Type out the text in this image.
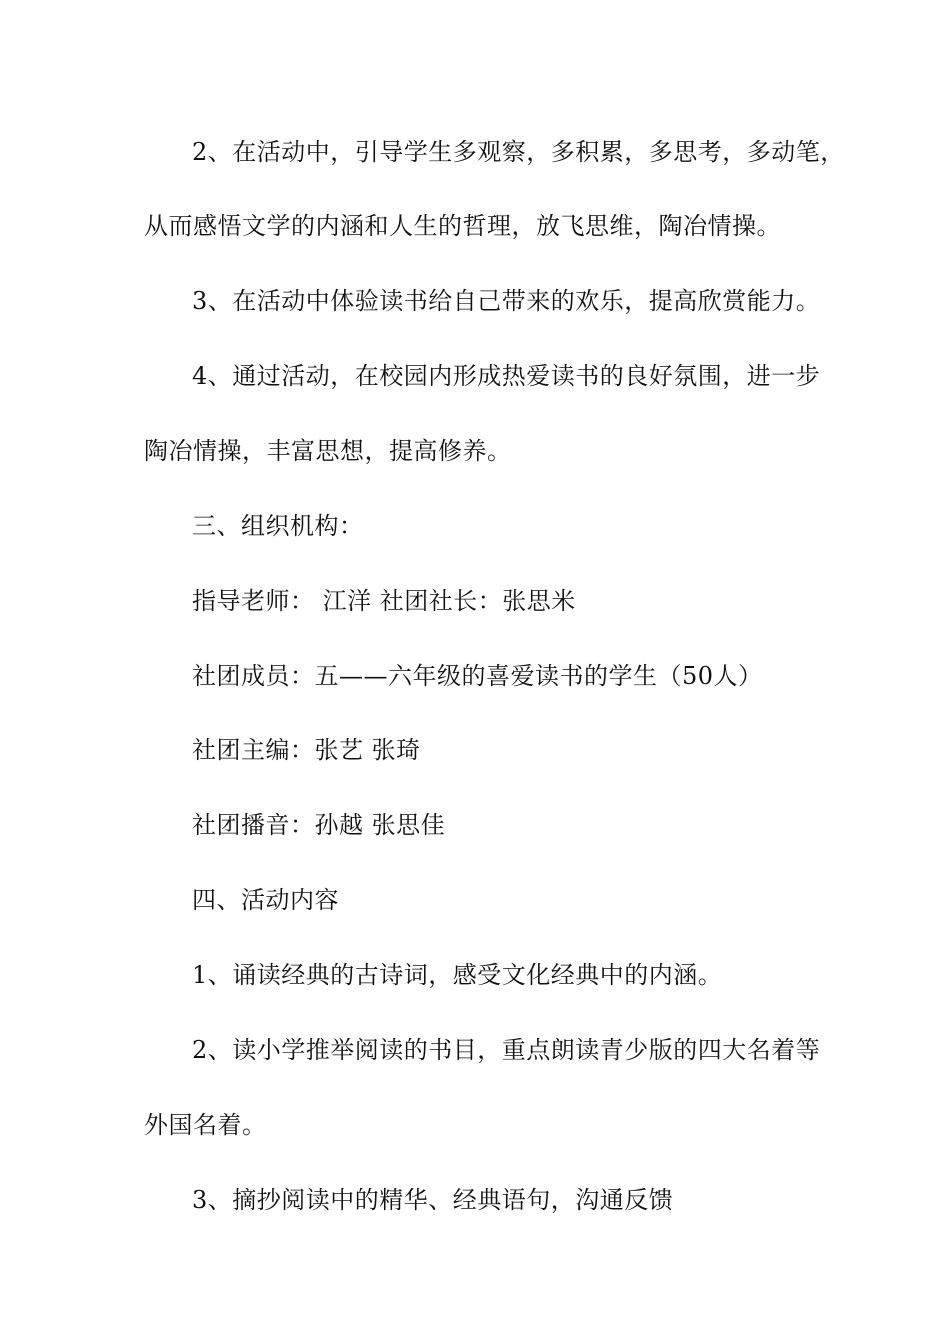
2、在活动中，引导学生多观察，多积累，多思考，多动笔，
从而感悟文学的内涵和人生的哲理，放飞思维，陶冶情操。
3、在活动中体验读书给自己带来的欢乐，提高欣赏能力。
4、通过活动，在校园内形成热爱读书的良好氛围，进一步
陶冶情操，丰富思想，提高修养。
三、组织机构：
指导老师： 江洋 社团社长：张思米
社团成员：五——六年级的喜爱读书的学生（50人）
社团主编：张艺 张琦
社团播音：孙越 张思佳
四、活动内容
1、诵读经典的古诗词，感受文化经典中的内涵。
2、读小学推举阅读的书目，重点朗读青少版的四大名着等
外国名着。
3、摘抄阅读中的精华、经典语句，沟通反馈
